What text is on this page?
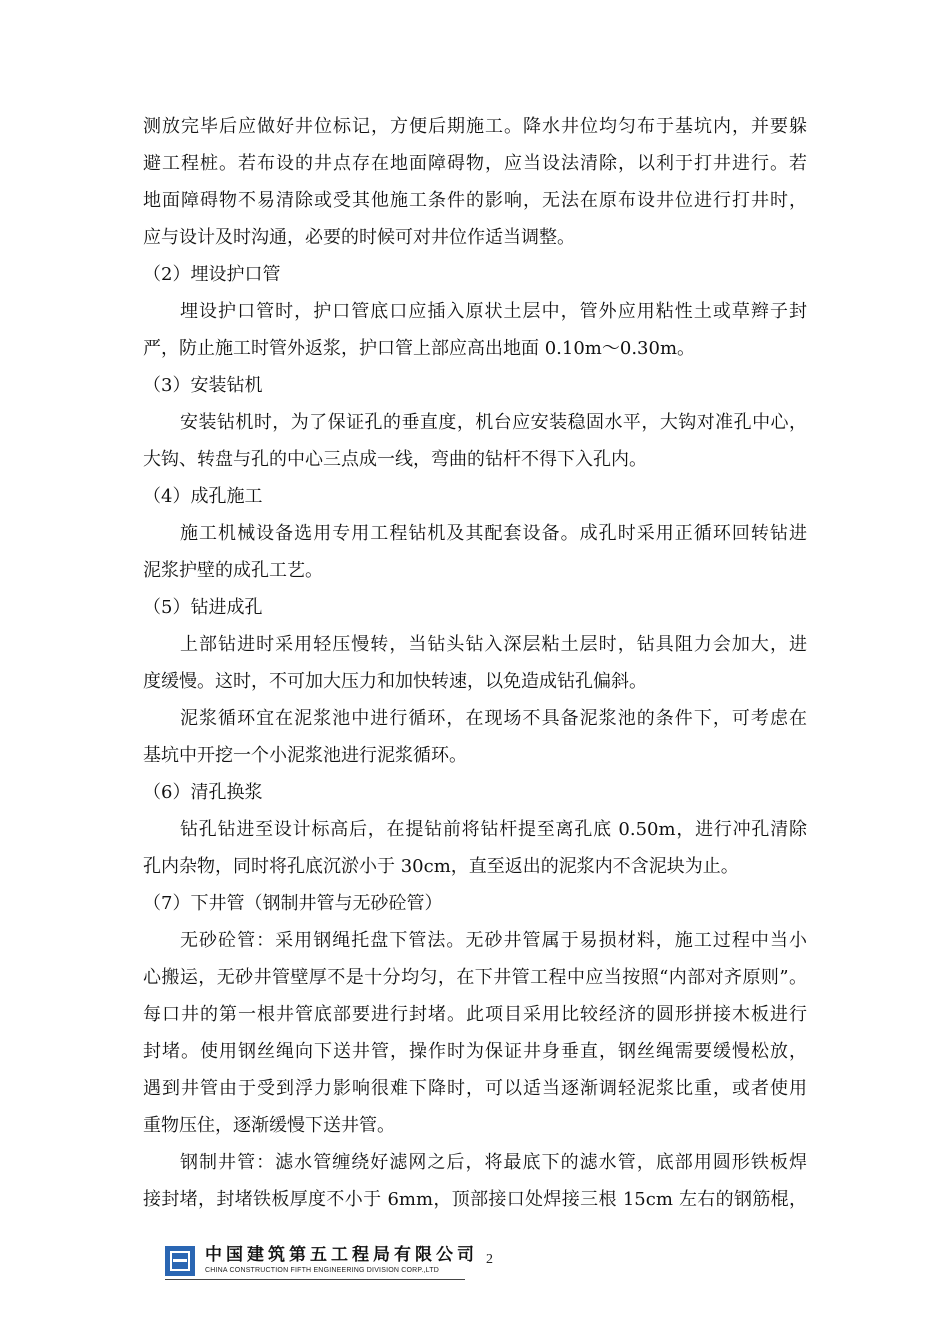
测放完毕后应做好井位标记，方便后期施工。降水井位均匀布于基坑内，并要躲
避工程桩。若布设的井点存在地面障碍物，应当设法清除，以利于打井进行。若
地面障碍物不易清除或受其他施工条件的影响，无法在原布设井位进行打井时，
应与设计及时沟通，必要的时候可对井位作适当调整。
（2）埋设护口管
埋设护口管时，护口管底口应插入原状土层中，管外应用粘性土或草辫子封
严，防止施工时管外返浆，护口管上部应高出地面 0.10m～0.30m。
（3）安装钻机
安装钻机时，为了保证孔的垂直度，机台应安装稳固水平，大钩对准孔中心，
大钩、转盘与孔的中心三点成一线，弯曲的钻杆不得下入孔内。
（4）成孔施工
施工机械设备选用专用工程钻机及其配套设备。成孔时采用正循环回转钻进
泥浆护壁的成孔工艺。
（5）钻进成孔
上部钻进时采用轻压慢转，当钻头钻入深层粘土层时，钻具阻力会加大，进
度缓慢。这时，不可加大压力和加快转速，以免造成钻孔偏斜。
泥浆循环宜在泥浆池中进行循环，在现场不具备泥浆池的条件下，可考虑在
基坑中开挖一个小泥浆池进行泥浆循环。
（6）清孔换浆
钻孔钻进至设计标高后，在提钻前将钻杆提至离孔底 0.50m，进行冲孔清除
孔内杂物，同时将孔底沉淤小于 30cm，直至返出的泥浆内不含泥块为止。
（7）下井管（钢制井管与无砂砼管）
无砂砼管：采用钢绳托盘下管法。无砂井管属于易损材料，施工过程中当小
心搬运，无砂井管壁厚不是十分均匀，在下井管工程中应当按照“内部对齐原则”。
每口井的第一根井管底部要进行封堵。此项目采用比较经济的圆形拼接木板进行
封堵。使用钢丝绳向下送井管，操作时为保证井身垂直，钢丝绳需要缓慢松放，
遇到井管由于受到浮力影响很难下降时，可以适当逐渐调轻泥浆比重，或者使用
重物压住，逐渐缓慢下送井管。
钢制井管：滤水管缠绕好滤网之后，将最底下的滤水管，底部用圆形铁板焊
接封堵，封堵铁板厚度不小于 6mm，顶部接口处焊接三根 15cm 左右的钢筋棍，
中国建筑第五工程局有限公司
CHINA CONSTRUCTION FIFTH ENGINEERING DIVISION CORP.,LTD
2
